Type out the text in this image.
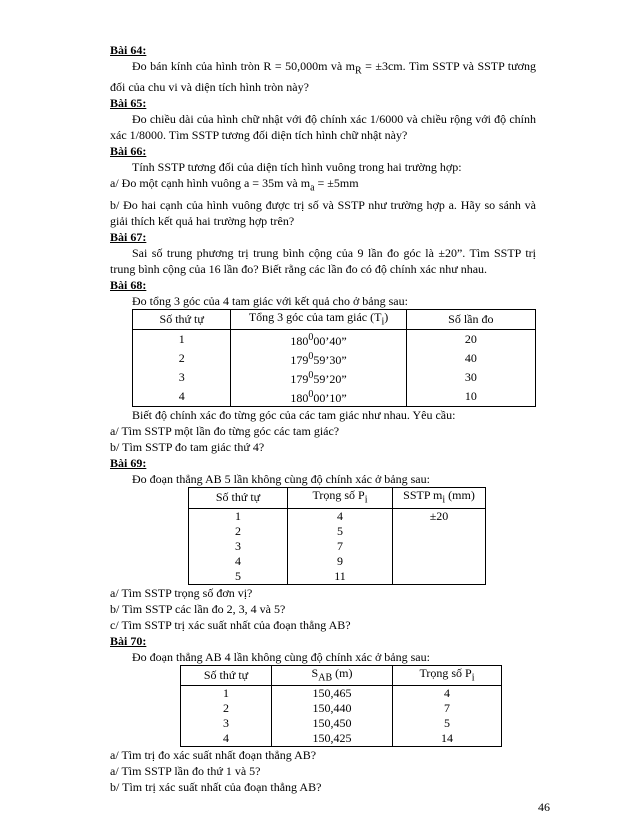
Bài 64:

Đo bán kính của hình tròn R = 50,000m và $m_R = \pm 3cm$. Tìm SSTP và SSTP tương đối của chu vi và diện tích hình tròn này?

Bài 65:

Đo chiều dài của hình chữ nhật với độ chính xác 1/6000 và chiều rộng với độ chính xác 1/8000. Tìm SSTP tương đối diện tích hình chữ nhật này?

Bài 66:

Tính SSTP tương đối của diện tích hình vuông trong hai trường hợp:

a/ Đo một cạnh hình vuông a = 35m và $m_a = \pm 5mm$

b/ Đo hai cạnh của hình vuông được trị số và SSTP như trường hợp a. Hãy so sánh và giải thích kết quả hai trường hợp trên?

Bài 67:

Sai số trung phương trị trung bình cộng của 9 lần đo góc là ±20”. Tìm SSTP trị trung bình cộng của 16 lần đo? Biết rằng các lần đo có độ chính xác như nhau.

Bài 68:

Đo tổng 3 góc của 4 tam giác với kết quả cho ở bảng sau:

Số thứ tự	Tổng 3 góc của tam giác $(T_i)$	Số lần đo
1	$180^000’40$”	20
2	$179^059’30$”	40
3	$179^059’20$”	30
4	$180^000’10$”	10

Biết độ chính xác đo từng góc của các tam giác như nhau. Yêu cầu:

a/ Tìm SSTP một lần đo từng góc các tam giác?

b/ Tìm SSTP đo tam giác thứ 4?

Bài 69:

Đo đoạn thẳng AB 5 lần không cùng độ chính xác ở bảng sau:

Số thứ tự	Trọng số $P_i$	SSTP $m_i$ (mm)
1	4	±20
2	5	
3	7	
4	9	
5	11	

a/ Tìm SSTP trọng số đơn vị?

b/ Tìm SSTP các lần đo 2, 3, 4 và 5?

c/ Tìm SSTP trị xác suất nhất của đoạn thẳng AB?

Bài 70:

Đo đoạn thẳng AB 4 lần không cùng độ chính xác ở bảng sau:

Số thứ tự	$S_{AB}$ (m)	Trọng số $P_i$
1	150,465	4
2	150,440	7
3	150,450	5
4	150,425	14

a/ Tìm trị đo xác suất nhất đoạn thẳng AB?

a/ Tìm SSTP lần đo thứ 1 và 5?

b/ Tìm trị xác suất nhất của đoạn thẳng AB?

46
